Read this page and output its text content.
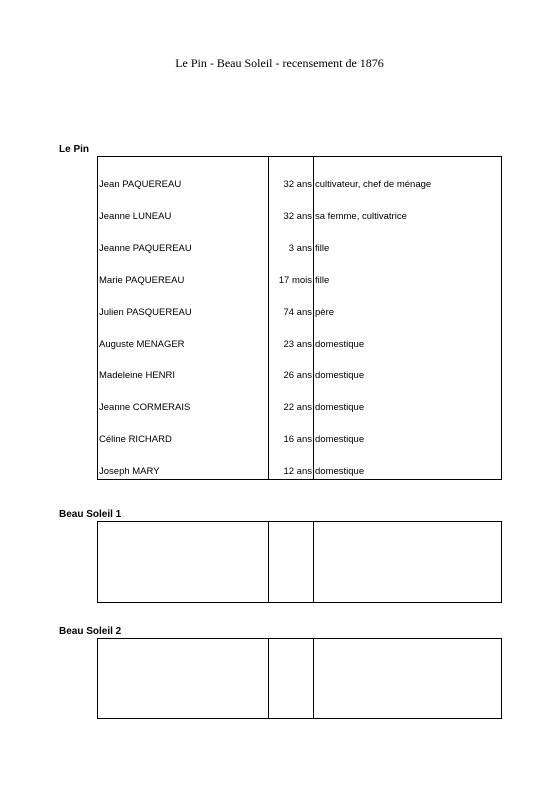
Le Pin - Beau Soleil - recensement de 1876
Le Pin
Jean PAQUEREAU	32 ans cultivateur, chef de ménage
Jeanne LUNEAU	32 ans sa femme, cultivatrice
Jeanne PAQUEREAU	3 ans fille
Marie PAQUEREAU	17 mois fille
Julien PASQUEREAU	74 ans père
Auguste MENAGER	23 ans domestique
Madeleine HENRI	26 ans domestique
Jeanne CORMERAIS	22 ans domestique
Céline RICHARD	16 ans domestique
Joseph MARY	12 ans domestique
Beau Soleil 1
Beau Soleil 2
